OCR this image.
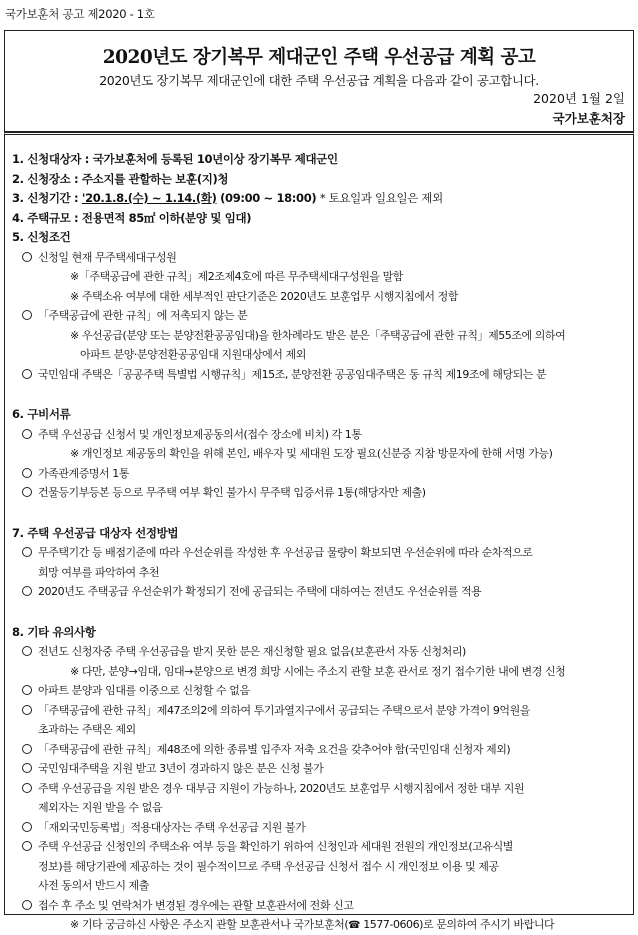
국가보훈처 공고 제2020 - 1호
2020년도 장기복무 제대군인 주택 우선공급 계획 공고
2020년도 장기복무 제대군인에 대한 주택 우선공급 계획을 다음과 같이 공고합니다.
2020년 1월 2일
국가보훈처장
1. 신청대상자 : 국가보훈처에 등록된 10년이상 장기복무 제대군인
2. 신청장소 : 주소지를 관할하는 보훈(지)청
3. 신청기간 : '20.1.8.(수) ~ 1.14.(화) (09:00 ~ 18:00) * 토요일과 일요일은 제외
4. 주택규모 : 전용면적 85㎡ 이하(분양 및 임대)
5. 신청조건
신청일 현재 무주택세대구성원
※「주택공급에 관한 규칙」제2조제4호에 따른 무주택세대구성원을 말함
※ 주택소유 여부에 대한 세부적인 판단기준은 2020년도 보훈업무 시행지침에서 정함
「주택공급에 관한 규칙」에 저촉되지 않는 분
※ 우선공급(분양 또는 분양전환공공임대)을 한차례라도 받은 분은「주택공급에 관한 규칙」제55조에 의하여
아파트 분양·분양전환공공임대 지원대상에서 제외
국민임대 주택은「공공주택 특별법 시행규칙」제15조, 분양전환 공공임대주택은 동 규칙 제19조에 해당되는 분
6. 구비서류
주택 우선공급 신청서 및 개인정보제공동의서(접수 장소에 비치) 각 1통
※ 개인정보 제공동의 확인을 위해 본인, 배우자 및 세대원 도장 필요(신분증 지참 방문자에 한해 서명 가능)
가족관계증명서 1통
건물등기부등본 등으로 무주택 여부 확인 불가시 무주택 입증서류 1통(해당자만 제출)
7. 주택 우선공급 대상자 선정방법
무주택기간 등 배점기준에 따라 우선순위를 작성한 후 우선공급 물량이 확보되면 우선순위에 따라 순차적으로
희망 여부를 파악하여 추천
2020년도 주택공급 우선순위가 확정되기 전에 공급되는 주택에 대하여는 전년도 우선순위를 적용
8. 기타 유의사항
전년도 신청자중 주택 우선공급을 받지 못한 분은 재신청할 필요 없음(보훈관서 자동 신청처리)
※ 다만, 분양→임대, 임대→분양으로 변경 희망 시에는 주소지 관할 보훈 관서로 정기 접수기한 내에 변경 신청
아파트 분양과 임대를 이중으로 신청할 수 없음
「주택공급에 관한 규칙」제47조의2에 의하여 투기과열지구에서 공급되는 주택으로서 분양 가격이 9억원을
초과하는 주택은 제외
「주택공급에 관한 규칙」제48조에 의한 종류별 입주자 저축 요건을 갖추어야 함(국민임대 신청자 제외)
국민임대주택을 지원 받고 3년이 경과하지 않은 분은 신청 불가
주택 우선공급을 지원 받은 경우 대부금 지원이 가능하나, 2020년도 보훈업무 시행지침에서 정한 대부 지원
제외자는 지원 받을 수 없음
「재외국민등록법」적용대상자는 주택 우선공급 지원 불가
주택 우선공급 신청인의 주택소유 여부 등을 확인하기 위하여 신청인과 세대원 전원의 개인정보(고유식별
정보)를 해당기관에 제공하는 것이 필수적이므로 주택 우선공급 신청서 접수 시 개인정보 이용 및 제공
사전 동의서 반드시 제출
접수 후 주소 및 연락처가 변경된 경우에는 관할 보훈관서에 전화 신고
※ 기타 궁금하신 사항은 주소지 관할 보훈관서나 국가보훈처(☎ 1577-0606)로 문의하여 주시기 바랍니다
